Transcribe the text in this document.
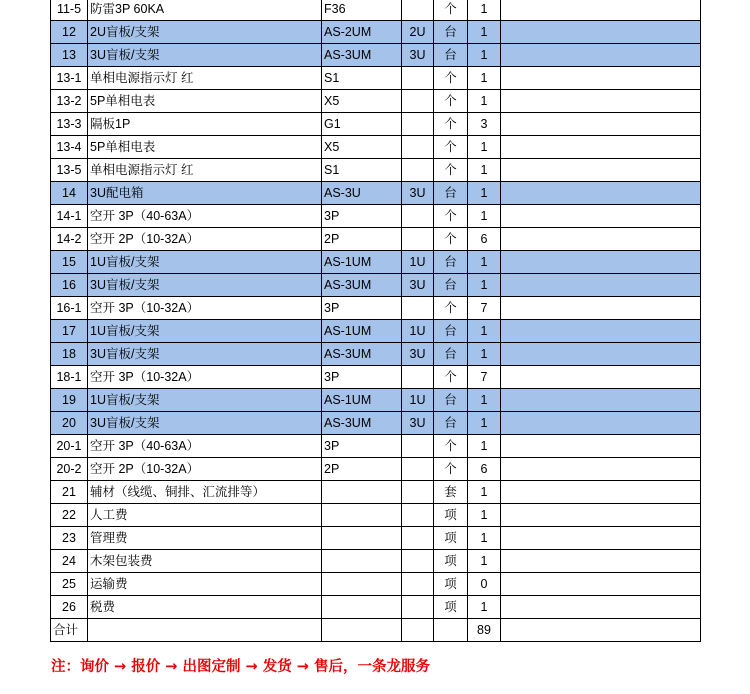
11-5	防雷3P 60KA	F36		个	1	
12	2U盲板/支架	AS-2UM	2U	台	1	
13	3U盲板/支架	AS-3UM	3U	台	1	
13-1	单相电源指示灯 红	S1		个	1	
13-2	5P单相电表	X5		个	1	
13-3	隔板1P	G1		个	3	
13-4	5P单相电表	X5		个	1	
13-5	单相电源指示灯 红	S1		个	1	
14	3U配电箱	AS-3U	3U	台	1	
14-1	空开 3P（40-63A）	3P		个	1	
14-2	空开 2P（10-32A）	2P		个	6	
15	1U盲板/支架	AS-1UM	1U	台	1	
16	3U盲板/支架	AS-3UM	3U	台	1	
16-1	空开 3P（10-32A）	3P		个	7	
17	1U盲板/支架	AS-1UM	1U	台	1	
18	3U盲板/支架	AS-3UM	3U	台	1	
18-1	空开 3P（10-32A）	3P		个	7	
19	1U盲板/支架	AS-1UM	1U	台	1	
20	3U盲板/支架	AS-3UM	3U	台	1	
20-1	空开 3P（40-63A）	3P		个	1	
20-2	空开 2P（10-32A）	2P		个	6	
21	辅材（线缆、铜排、汇流排等）			套	1	
22	人工费			项	1	
23	管理费			项	1	
24	木架包装费			项	1	
25	运输费			项	0	
26	税费			项	1	
合计					89	
注：询价 → 报价 → 出图定制 → 发货 → 售后，一条龙服务
